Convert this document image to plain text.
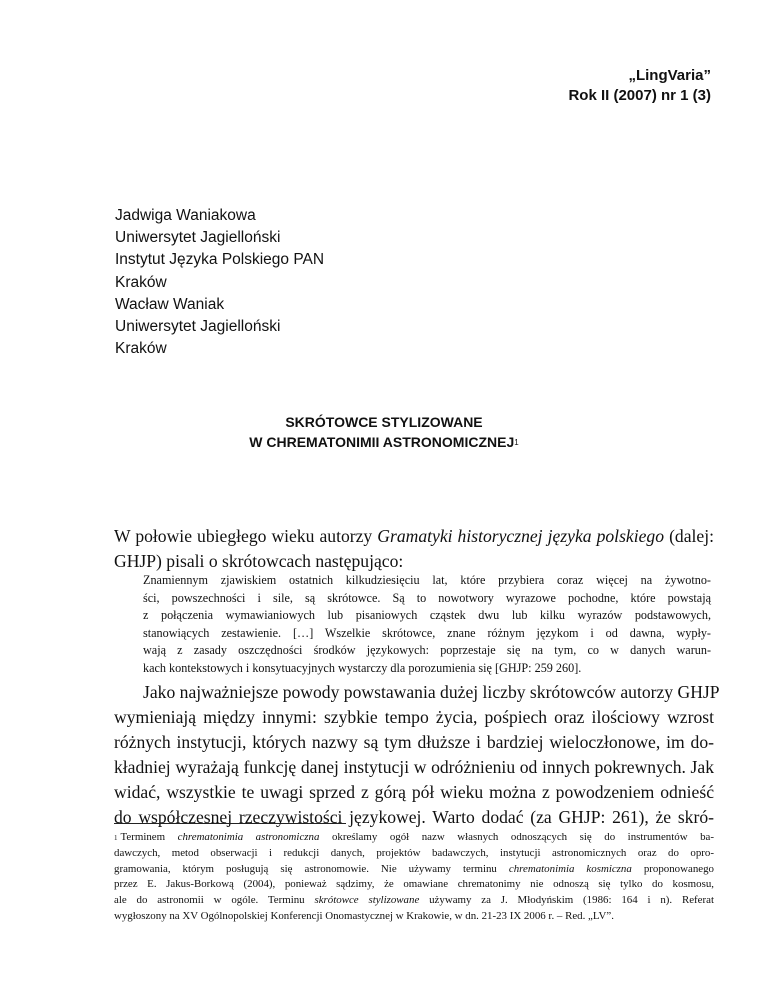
„LingVaria”
Rok II (2007) nr 1 (3)
Jadwiga Waniakowa
Uniwersytet Jagielloński
Instytut Języka Polskiego PAN
Kraków
Wacław Waniak
Uniwersytet Jagielloński
Kraków
SKRÓTOWCE STYLIZOWANE
W CHREMATONIMII ASTRONOMICZNEJ$^1$
W połowie ubiegłego wieku autorzy Gramatyki historycznej języka polskiego (dalej:
GHJP) pisali o skrótowcach następująco:
Znamiennym zjawiskiem ostatnich kilkudziesięciu lat, które przybiera coraz więcej na żywotno-
ści, powszechności i sile, są skrótowce. Są to nowotwory wyrazowe pochodne, które powstają
z połączenia wymawianiowych lub pisaniowych cząstek dwu lub kilku wyrazów podstawowych,
stanowiących zestawienie. […] Wszelkie skrótowce, znane różnym językom i od dawna, wypły-
wają z zasady oszczędności środków językowych: poprzestaje się na tym, co w danych warun-
kach kontekstowych i konsytuacyjnych wystarczy dla porozumienia się [GHJP: 259 260].
Jako najważniejsze powody powstawania dużej liczby skrótowców autorzy GHJP
wymieniają między innymi: szybkie tempo życia, pośpiech oraz ilościowy wzrost
różnych instytucji, których nazwy są tym dłuższe i bardziej wieloczłonowe, im do-
kładniej wyrażają funkcję danej instytucji w odróżnieniu od innych pokrewnych. Jak
widać, wszystkie te uwagi sprzed z górą pół wieku można z powodzeniem odnieść
do współczesnej rzeczywistości językowej. Warto dodać (za GHJP: 261), że skró-
$^1$ Terminem chrematonimia astronomiczna określamy ogół nazw własnych odnoszących się do instrumentów ba-
dawczych, metod obserwacji i redukcji danych, projektów badawczych, instytucji astronomicznych oraz do opro-
gramowania, którym posługują się astronomowie. Nie używamy terminu chrematonimia kosmiczna proponowanego
przez E. Jakus-Borkową (2004), ponieważ sądzimy, że omawiane chrematonimy nie odnoszą się tylko do kosmosu,
ale do astronomii w ogóle. Terminu skrótowce stylizowane używamy za J. Młodyńskim (1986: 164 i n). Referat
wygłoszony na XV Ogólnopolskiej Konferencji Onomastycznej w Krakowie, w dn. 21-23 IX 2006 r. – Red. „LV”.
